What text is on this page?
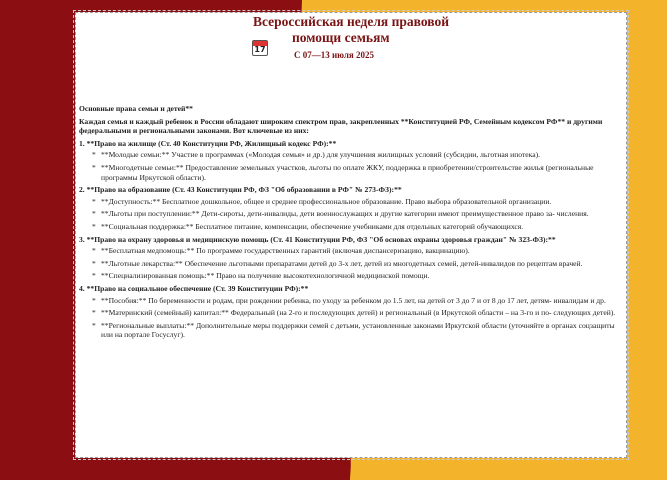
Всероссийская неделя правовой
помощи семьям
17
С 07—13 июля 2025

Основные права семьи и детей**

Каждая семья и каждый ребенок в России обладают широким спектром прав, закрепленных **Конституцией РФ, Семейным кодексом РФ** и другими федеральными и региональными законами. Вот ключевые из них:

1. **Право на жилище (Ст. 40 Конституции РФ, Жилищный кодекс РФ):**
* **Молодые семьи:** Участие в программах («Молодая семья» и др.) для улучшения жилищных условий (субсидии, льготная ипотека).
* **Многодетные семьи:** Предоставление земельных участков, льготы по оплате ЖКУ, поддержка в приобретении/строительстве жилья (региональные программы Иркутской области).
2. **Право на образование (Ст. 43 Конституции РФ, ФЗ "Об образовании в РФ" № 273-ФЗ):**
* **Доступность:** Бесплатное дошкольное, общее и среднее профессиональное образование. Право выбора образовательной организации.
* **Льготы при поступлении:** Дети-сироты, дети-инвалиды, дети военнослужащих и другие категории имеют преимущественное право за- числения.
* **Социальная поддержка:** Бесплатное питание, компенсации, обеспечение учебниками для отдельных категорий обучающихся.
3. **Право на охрану здоровья и медицинскую помощь (Ст. 41 Конституции РФ, ФЗ "Об основах охраны здоровья граждан" № 323-ФЗ):**
* **Бесплатная медпомощь:** По программе государственных гарантий (включая диспансеризацию, вакцинацию).
* **Льготные лекарства:** Обеспечение льготными препаратами детей до 3-х лет, детей из многодетных семей, детей-инвалидов по рецептам врачей.
* **Специализированная помощь:** Право на получение высокотехнологичной медицинской помощи.
4. **Право на социальное обеспечение (Ст. 39 Конституции РФ):**
* **Пособия:** По беременности и родам, при рождении ребенка, по уходу за ребенком до 1.5 лет, на детей от 3 до 7 и от 8 до 17 лет, детям- инвалидам и др.
* **Материнский (семейный) капитал:** Федеральный (на 2-го и последующих детей) и региональный (в Иркутской области – на 3-го и по- следующих детей).
* **Региональные выплаты:** Дополнительные меры поддержки семей с детьми, установленные законами Иркутской области (уточняйте в органах соцзащиты или на портале Госуслуг).
